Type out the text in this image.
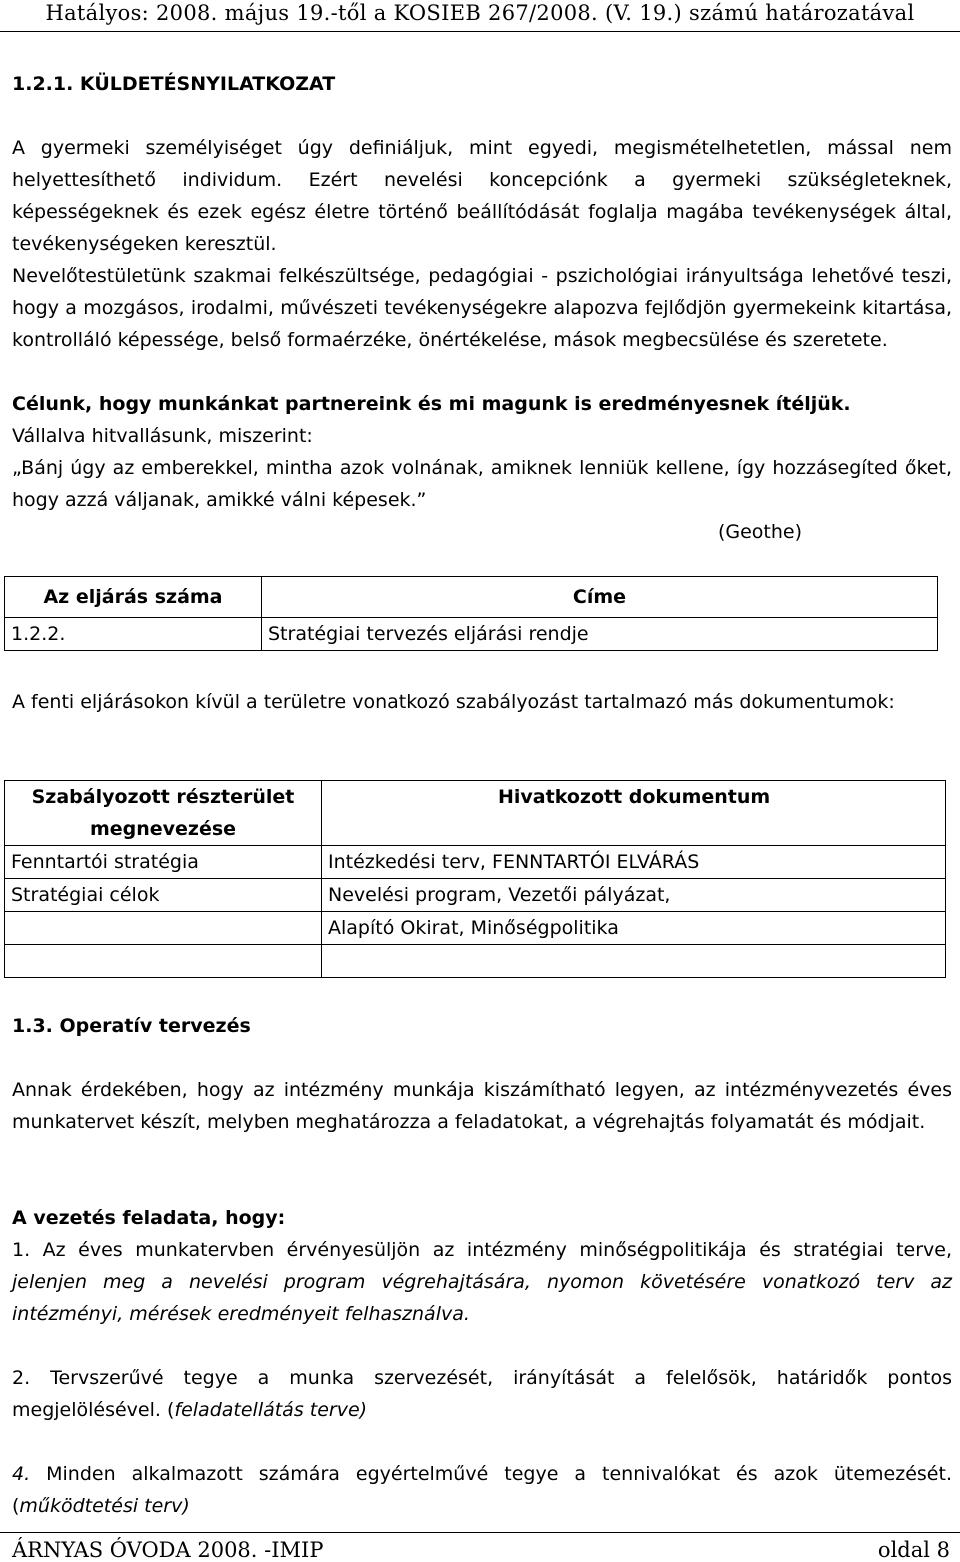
Hatályos: 2008. május 19.-től a KOSIEB 267/2008. (V. 19.) számú határozatával
1.2.1. KÜLDETÉSNYILATKOZAT

A gyermeki személyiséget úgy definiáljuk, mint egyedi, megismételhetetlen, mással nem helyettesíthető individum. Ezért nevelési koncepciónk a gyermeki szükségleteknek, képességeknek és ezek egész életre történő beállítódását foglalja magába tevékenységek által, tevékenységeken keresztül.

Nevelőtestületünk szakmai felkészültsége, pedagógiai - pszichológiai irányultsága lehetővé teszi, hogy a mozgásos, irodalmi, művészeti tevékenységekre alapozva fejlődjön gyermekeink kitartása, kontrolláló képessége, belső formaérzéke, önértékelése, mások megbecsülése és szeretete.

Célunk, hogy munkánkat partnereink és mi magunk is eredményesnek ítéljük.
Vállalva hitvallásunk, miszerint:

„Bánj úgy az emberekkel, mintha azok volnának, amiknek lenniük kellene, így hozzásegíted őket, hogy azzá váljanak, amikké válni képesek.”

(Geothe)
Az eljárás száma	Címe
1.2.2.	Stratégiai tervezés eljárási rendje

A fenti eljárásokon kívül a területre vonatkozó szabályozást tartalmazó más dokumentumok:

Szabályozott részterület megnevezése	Hivatkozott dokumentum
Fenntartói stratégia	Intézkedési terv, FENNTARTÓI ELVÁRÁS
Stratégiai célok	Nevelési program, Vezetői pályázat,
	Alapító Okirat, Minőségpolitika

1.3. Operatív tervezés

Annak érdekében, hogy az intézmény munkája kiszámítható legyen, az intézményvezetés éves munkatervet készít, melyben meghatározza a feladatokat, a végrehajtás folyamatát és módjait.

A vezetés feladata, hogy:

1. Az éves munkatervben érvényesüljön az intézmény minőségpolitikája és stratégiai terve, jelenjen meg a nevelési program végrehajtására, nyomon követésére vonatkozó terv az intézményi, mérések eredményeit felhasználva.

2. Tervszerűvé tegye a munka szervezését, irányítását a felelősök, határidők pontos megjelölésével. (feladatellátás terve)

4. Minden alkalmazott számára egyértelművé tegye a tennivalókat és azok ütemezését. (működtetési terv)

ÁRNYAS ÓVODA 2008. -IMIP	oldal 8
